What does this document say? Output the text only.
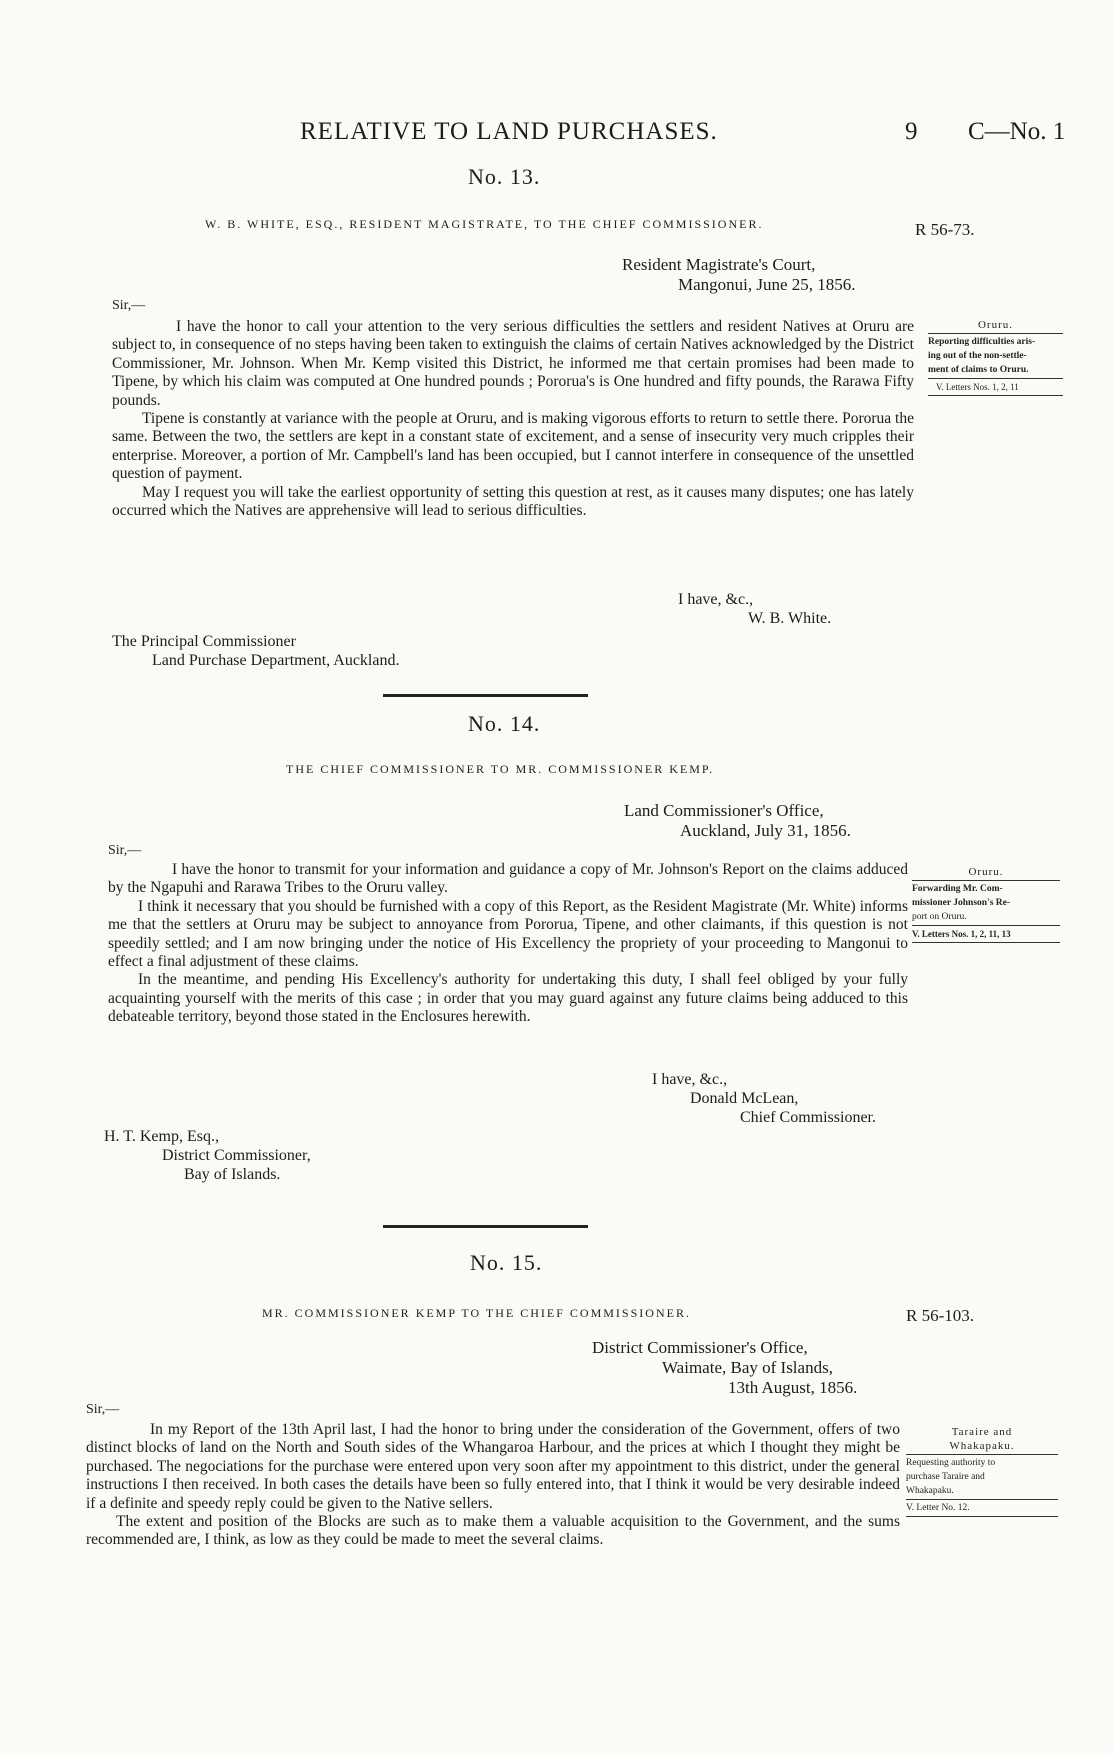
RELATIVE TO LAND PURCHASES.	9 C—No. 1
No. 13.
W. B. WHITE, ESQ., RESIDENT MAGISTRATE, TO THE CHIEF COMMISSIONER.	R 56-73.
Resident Magistrate's Court,
Mangonui, June 25, 1856.
Sir,—

I have the honor to call your attention to the very serious difficulties the settlers and resident Natives at Oruru are subject to, in consequence of no steps having been taken to extinguish the claims of certain Natives acknowledged by the District Commissioner, Mr. Johnson. When Mr. Kemp visited this District, he informed me that certain promises had been made to Tipene, by which his claim was computed at One hundred pounds ; Pororua's is One hundred and fifty pounds, the Rarawa Fifty pounds.

Tipene is constantly at variance with the people at Oruru, and is making vigorous efforts to return to settle there. Pororua the same. Between the two, the settlers are kept in a constant state of excitement, and a sense of insecurity very much cripples their enterprise. Moreover, a portion of Mr. Campbell's land has been occupied, but I cannot interfere in consequence of the unsettled question of payment.

May I request you will take the earliest opportunity of setting this question at rest, as it causes many disputes; one has lately occurred which the Natives are apprehensive will lead to serious difficulties.

Oruru.
Reporting difficulties aris-
ing out of the non-settle-
ment of claims to Oruru.
V. Letters Nos. 1, 2, 11
I have, &c.,
W. B. White.
The Principal Commissioner
Land Purchase Department, Auckland.
No. 14.
THE CHIEF COMMISSIONER TO MR. COMMISSIONER KEMP.
Land Commissioner's Office,
Auckland, July 31, 1856.
Sir,—

I have the honor to transmit for your information and guidance a copy of Mr. Johnson's Report on the claims adduced by the Ngapuhi and Rarawa Tribes to the Oruru valley.

I think it necessary that you should be furnished with a copy of this Report, as the Resident Magistrate (Mr. White) informs me that the settlers at Oruru may be subject to annoyance from Pororua, Tipene, and other claimants, if this question is not speedily settled; and I am now bringing under the notice of His Excellency the propriety of your proceeding to Mangonui to effect a final adjustment of these claims.

In the meantime, and pending His Excellency's authority for undertaking this duty, I shall feel obliged by your fully acquainting yourself with the merits of this case ; in order that you may guard against any future claims being adduced to this debateable territory, beyond those stated in the Enclosures herewith.

Oruru.
Forwarding Mr. Com-
missioner Johnson's Re-
port on Oruru.
V. Letters Nos. 1, 2, 11, 13
I have, &c.,
Donald McLean,
Chief Commissioner.
H. T. Kemp, Esq.,
District Commissioner,
Bay of Islands.
No. 15.
MR. COMMISSIONER KEMP TO THE CHIEF COMMISSIONER.	R 56-103.
District Commissioner's Office,
Waimate, Bay of Islands,
13th August, 1856.
Sir,—

In my Report of the 13th April last, I had the honor to bring under the consideration of the Government, offers of two distinct blocks of land on the North and South sides of the Whangaroa Harbour, and the prices at which I thought they might be purchased. The negociations for the purchase were entered upon very soon after my appointment to this district, under the general instructions I then received. In both cases the details have been so fully entered into, that I think it would be very desirable indeed if a definite and speedy reply could be given to the Native sellers.

The extent and position of the Blocks are such as to make them a valuable acquisition to the Government, and the sums recommended are, I think, as low as they could be made to meet the several claims.

Taraire and
Whakapaku.
Requesting authority to
purchase Taraire and
Whakapaku.
V. Letter No. 12.
